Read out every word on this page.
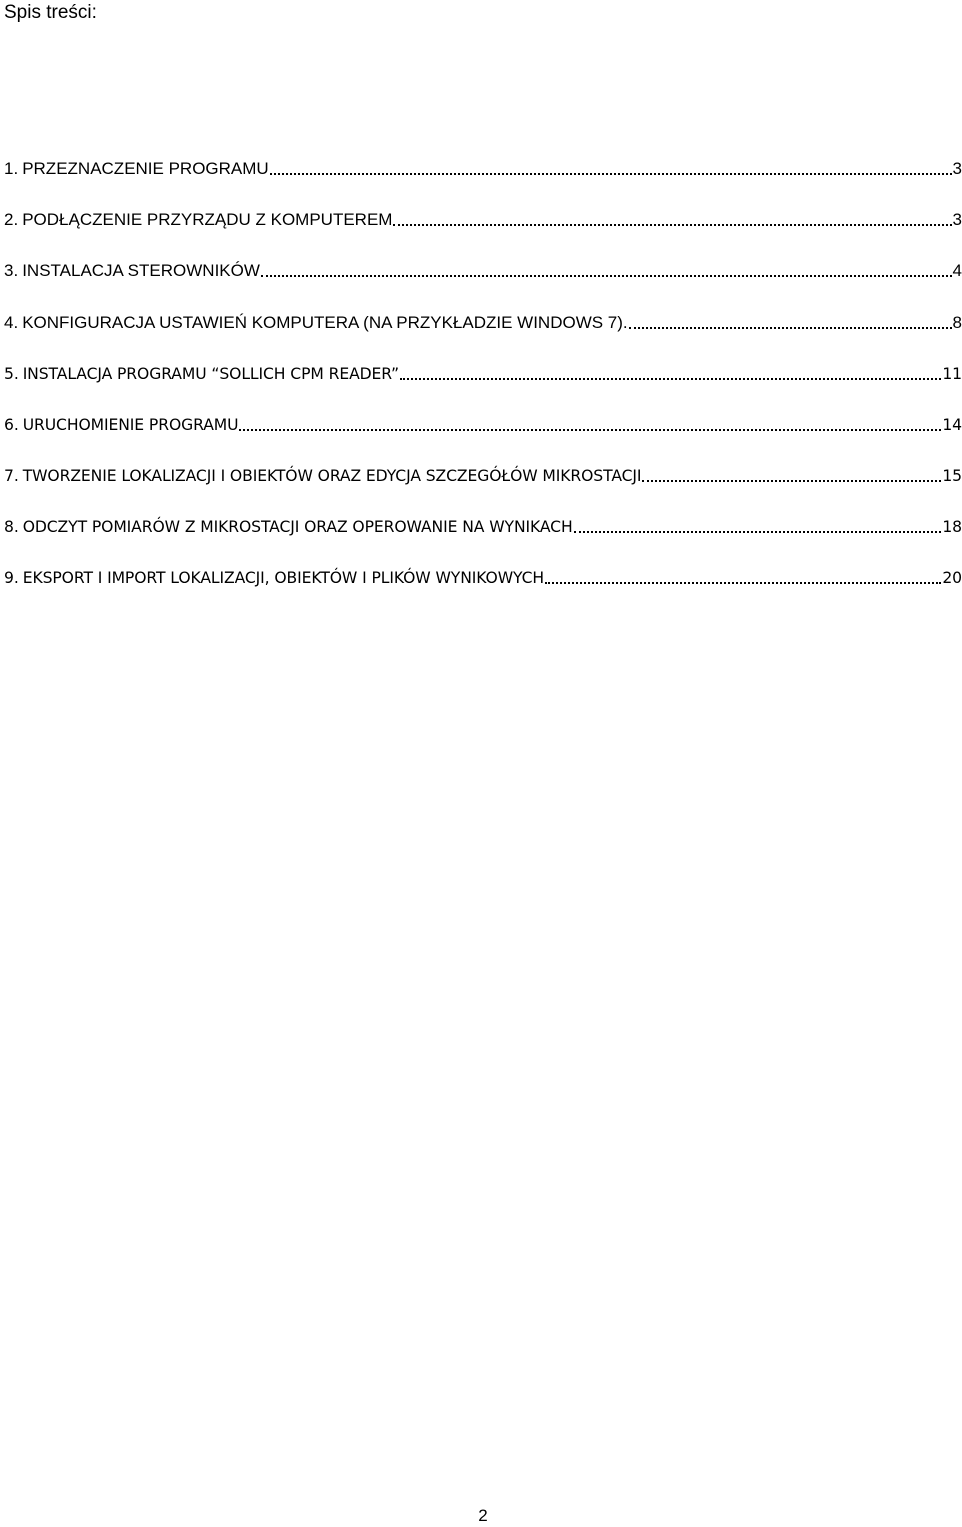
Spis treści:
1. PRZEZNACZENIE PROGRAMU	3
2. PODŁĄCZENIE PRZYRZĄDU Z KOMPUTEREM	3
3. INSTALACJA STEROWNIKÓW	4
4. KONFIGURACJA USTAWIEŃ KOMPUTERA (NA PRZYKŁADZIE WINDOWS 7).	8
5. INSTALACJA PROGRAMU “SOLLICH CPM READER”	11
6. URUCHOMIENIE PROGRAMU	14
7. TWORZENIE LOKALIZACJI I OBIEKTÓW ORAZ EDYCJA SZCZEGÓŁÓW MIKROSTACJI	15
8. ODCZYT POMIARÓW Z MIKROSTACJI ORAZ OPEROWANIE NA WYNIKACH	18
9. EKSPORT I IMPORT LOKALIZACJI, OBIEKTÓW I PLIKÓW WYNIKOWYCH	20
2
